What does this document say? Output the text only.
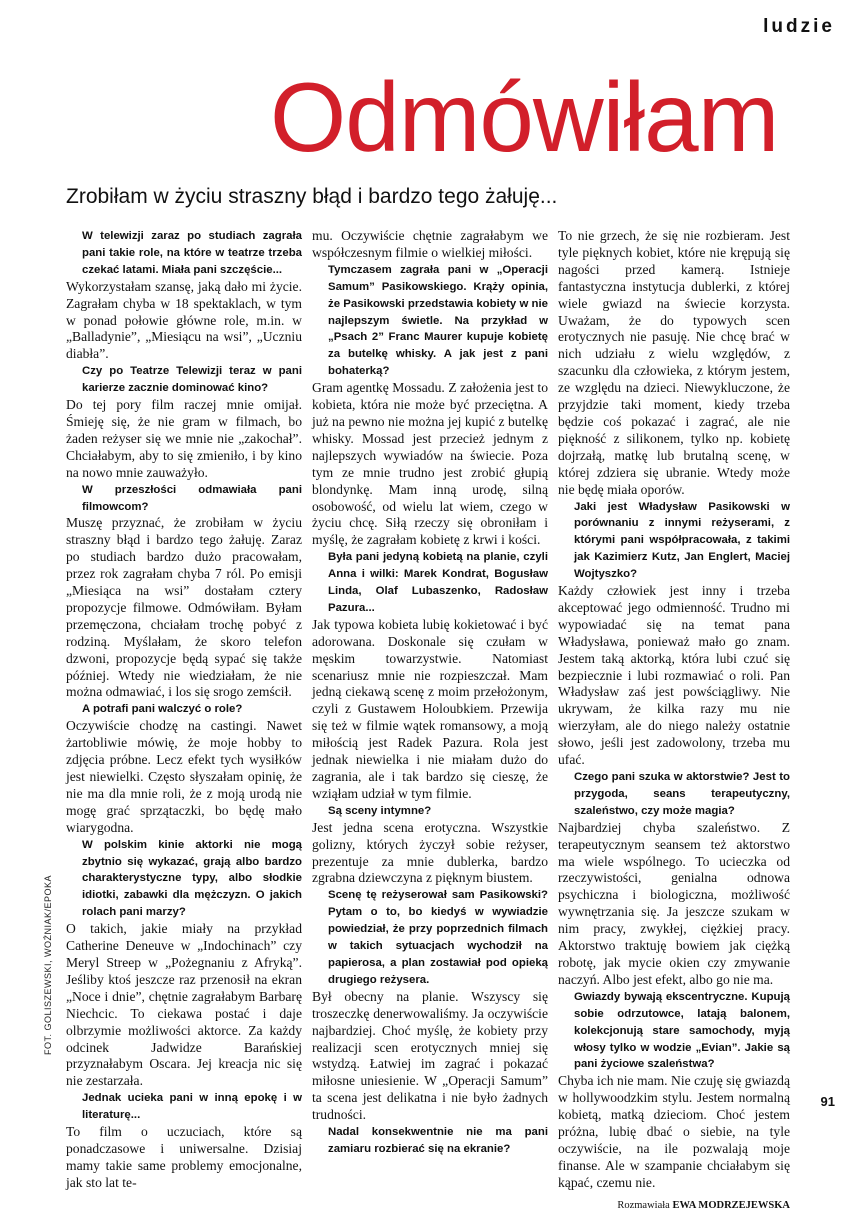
ludzie
Odmówiłam
Zrobiłam w życiu straszny błąd i bardzo tego żałuję...

W telewizji zaraz po studiach zagrała pani takie role, na które w teatrze trzeba czekać latami. Miała pani szczęście...

Wykorzystałam szansę, jaką dało mi życie. Zagrałam chyba w 18 spektaklach, w tym w ponad połowie główne role, m.in. w „Balladynie”, „Miesiącu na wsi”, „Uczniu diabła”.

Czy po Teatrze Telewizji teraz w pani karierze zacznie dominować kino?

Do tej pory film raczej mnie omijał. Śmieję się, że nie gram w filmach, bo żaden reżyser się we mnie nie „zakochał”. Chciałabym, aby to się zmieniło, i by kino na nowo mnie zauważyło.

W przeszłości odmawiała pani filmowcom?

Muszę przyznać, że zrobiłam w życiu straszny błąd i bardzo tego żałuję. Zaraz po studiach bardzo dużo pracowałam, przez rok zagrałam chyba 7 ról. Po emisji „Miesiąca na wsi” dostałam cztery propozycje filmowe. Odmówiłam. Byłam przemęczona, chciałam trochę pobyć z rodziną. Myślałam, że skoro telefon dzwoni, propozycje będą sypać się także później. Wtedy nie wiedziałam, że nie można odmawiać, i los się srogo zemścił.

A potrafi pani walczyć o role?

Oczywiście chodzę na castingi. Nawet żartobliwie mówię, że moje hobby to zdjęcia próbne. Lecz efekt tych wysiłków jest niewielki. Często słyszałam opinię, że nie ma dla mnie roli, że z moją urodą nie mogę grać sprzątaczki, bo będę mało wiarygodna.

W polskim kinie aktorki nie mogą zbytnio się wykazać, grają albo bardzo charakterystyczne typy, albo słodkie idiotki, zabawki dla mężczyzn. O jakich rolach pani marzy?

O takich, jakie miały na przykład Catherine Deneuve w „Indochinach” czy Meryl Streep w „Pożegnaniu z Afryką”. Jeśliby ktoś jeszcze raz przenosił na ekran „Noce i dnie”, chętnie zagrałabym Barbarę Niechcic. To ciekawa postać i daje olbrzymie możliwości aktorce. Za każdy odcinek Jadwidze Barańskiej przyznałabym Oscara. Jej kreacja nic się nie zestarzała.

Jednak ucieka pani w inną epokę i w literaturę...

To film o uczuciach, które są ponadczasowe i uniwersalne. Dzisiaj mamy takie same problemy emocjonalne, jak sto lat te-

mu. Oczywiście chętnie zagrałabym we współczesnym filmie o wielkiej miłości.

Tymczasem zagrała pani w „Operacji Samum” Pasikowskiego. Krąży opinia, że Pasikowski przedstawia kobiety w nie najlepszym świetle. Na przykład w „Psach 2” Franc Maurer kupuje kobietę za butelkę whisky. A jak jest z pani bohaterką?

Gram agentkę Mossadu. Z założenia jest to kobieta, która nie może być przeciętna. A już na pewno nie można jej kupić z butelkę whisky. Mossad jest przecież jednym z najlepszych wywiadów na świecie. Poza tym ze mnie trudno jest zrobić głupią blondynkę. Mam inną urodę, silną osobowość, od wielu lat wiem, czego w życiu chcę. Siłą rzeczy się obroniłam i myślę, że zagrałam kobietę z krwi i kości.

Była pani jedyną kobietą na planie, czyli Anna i wilki: Marek Kondrat, Bogusław Linda, Olaf Lubaszenko, Radosław Pazura...

Jak typowa kobieta lubię kokietować i być adorowana. Doskonale się czułam w męskim towarzystwie. Natomiast scenariusz mnie nie rozpieszczał. Mam jedną ciekawą scenę z moim przełożonym, czyli z Gustawem Holoubkiem. Przewija się też w filmie wątek romansowy, a moją miłością jest Radek Pazura. Rola jest jednak niewielka i nie miałam dużo do zagrania, ale i tak bardzo się cieszę, że wziąłam udział w tym filmie.

Są sceny intymne?

Jest jedna scena erotyczna. Wszystkie golizny, których życzył sobie reżyser, prezentuje za mnie dublerka, bardzo zgrabna dziewczyna z pięknym biustem.

Scenę tę reżyserował sam Pasikowski? Pytam o to, bo kiedyś w wywiadzie powiedział, że przy poprzednich filmach w takich sytuacjach wychodził na papierosa, a plan zostawiał pod opieką drugiego reżysera.

Był obecny na planie. Wszyscy się troszeczkę denerwowaliśmy. Ja oczywiście najbardziej. Choć myślę, że kobiety przy realizacji scen erotycznych mniej się wstydzą. Łatwiej im zagrać i pokazać miłosne uniesienie. W „Operacji Samum” ta scena jest delikatna i nie było żadnych trudności.

Nadal konsekwentnie nie ma pani zamiaru rozbierać się na ekranie?

To nie grzech, że się nie rozbieram. Jest tyle pięknych kobiet, które nie krępują się nagości przed kamerą. Istnieje fantastyczna instytucja dublerki, z której wiele gwiazd na świecie korzysta. Uważam, że do typowych scen erotycznych nie pasuję. Nie chcę brać w nich udziału z wielu względów, z szacunku dla człowieka, z którym jestem, ze względu na dzieci. Niewykluczone, że przyjdzie taki moment, kiedy trzeba będzie coś pokazać i zagrać, ale nie piękność z silikonem, tylko np. kobietę dojrzałą, matkę lub brutalną scenę, w której zdziera się ubranie. Wtedy może nie będę miała oporów.

Jaki jest Władysław Pasikowski w porównaniu z innymi reżyserami, z którymi pani współpracowała, z takimi jak Kazimierz Kutz, Jan Englert, Maciej Wojtyszko?

Każdy człowiek jest inny i trzeba akceptować jego odmienność. Trudno mi wypowiadać się na temat pana Władysława, ponieważ mało go znam. Jestem taką aktorką, która lubi czuć się bezpiecznie i lubi rozmawiać o roli. Pan Władysław zaś jest powściągliwy. Nie ukrywam, że kilka razy mu nie wierzyłam, ale do niego należy ostatnie słowo, jeśli jest zadowolony, trzeba mu ufać.

Czego pani szuka w aktorstwie? Jest to przygoda, seans terapeutyczny, szaleństwo, czy może magia?

Najbardziej chyba szaleństwo. Z terapeutycznym seansem też aktorstwo ma wiele wspólnego. To ucieczka od rzeczywistości, genialna odnowa psychiczna i biologiczna, możliwość wywnętrzania się. Ja jeszcze szukam w nim pracy, zwykłej, ciężkiej pracy. Aktorstwo traktuję bowiem jak ciężką robotę, jak mycie okien czy zmywanie naczyń. Albo jest efekt, albo go nie ma.

Gwiazdy bywają ekscentryczne. Kupują sobie odrzutowce, latają balonem, kolekcjonują stare samochody, myją włosy tylko w wodzie „Evian”. Jakie są pani życiowe szaleństwa?

Chyba ich nie mam. Nie czuję się gwiazdą w hollywoodzkim stylu. Jestem normalną kobietą, matką dzieciom. Choć jestem próżna, lubię dbać o siebie, na tyle oczywiście, na ile pozwalają moje finanse. Ale w szampanie chciałabym się kąpać, czemu nie.

Rozmawiała EWA MODRZEJEWSKA

FOT. GOLISZEWSKI, WOŹNIAK/EPOKA
91
